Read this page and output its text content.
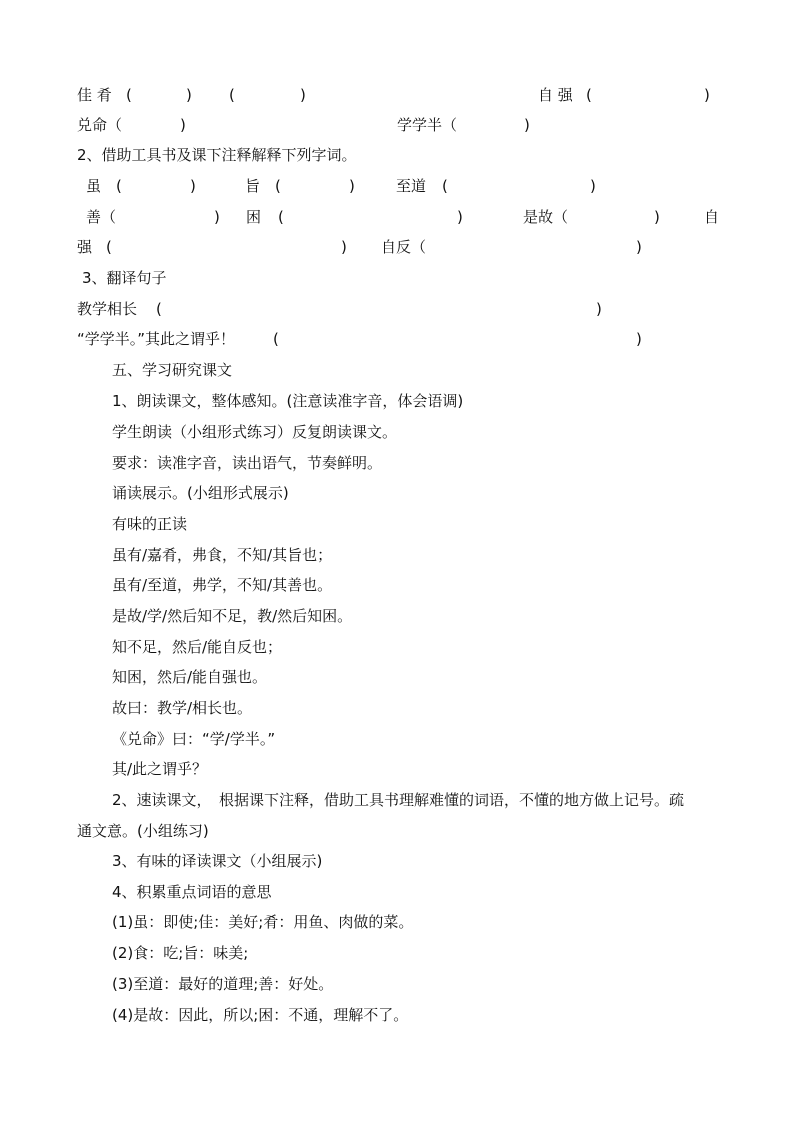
佳 肴 (	) (	)	自 强 (	)
兑命（	)	学学半（	)
2、借助工具书及课下注释解释下列字词。
虽 (	)	旨 (	)	至道 (	)
善（	) 困 (	)	是故（	)	自
强 (	) 自反（	)
3、翻译句子
教学相长 (	)
“学学半。”其此之谓乎！	(	)
五、学习研究课文
1、朗读课文，整体感知。(注意读准字音，体会语调)
学生朗读（小组形式练习）反复朗读课文。
要求：读准字音，读出语气，节奏鲜明。
诵读展示。(小组形式展示)
有味的正读
虽有/嘉肴，弗食，不知/其旨也；
虽有/至道，弗学，不知/其善也。
是故/学/然后知不足，教/然后知困。
知不足，然后/能自反也；
知困，然后/能自强也。
故曰：教学/相长也。
《兑命》曰：“学/学半。”
其/此之谓乎？
2、速读课文，　根据课下注释，借助工具书理解难懂的词语，不懂的地方做上记号。疏
通文意。(小组练习)
3、有味的译读课文（小组展示)
4、积累重点词语的意思
(1)虽：即使;佳：美好;肴：用鱼、肉做的菜。
(2)食：吃;旨：味美;
(3)至道：最好的道理;善：好处。
(4)是故：因此，所以;困：不通，理解不了。
